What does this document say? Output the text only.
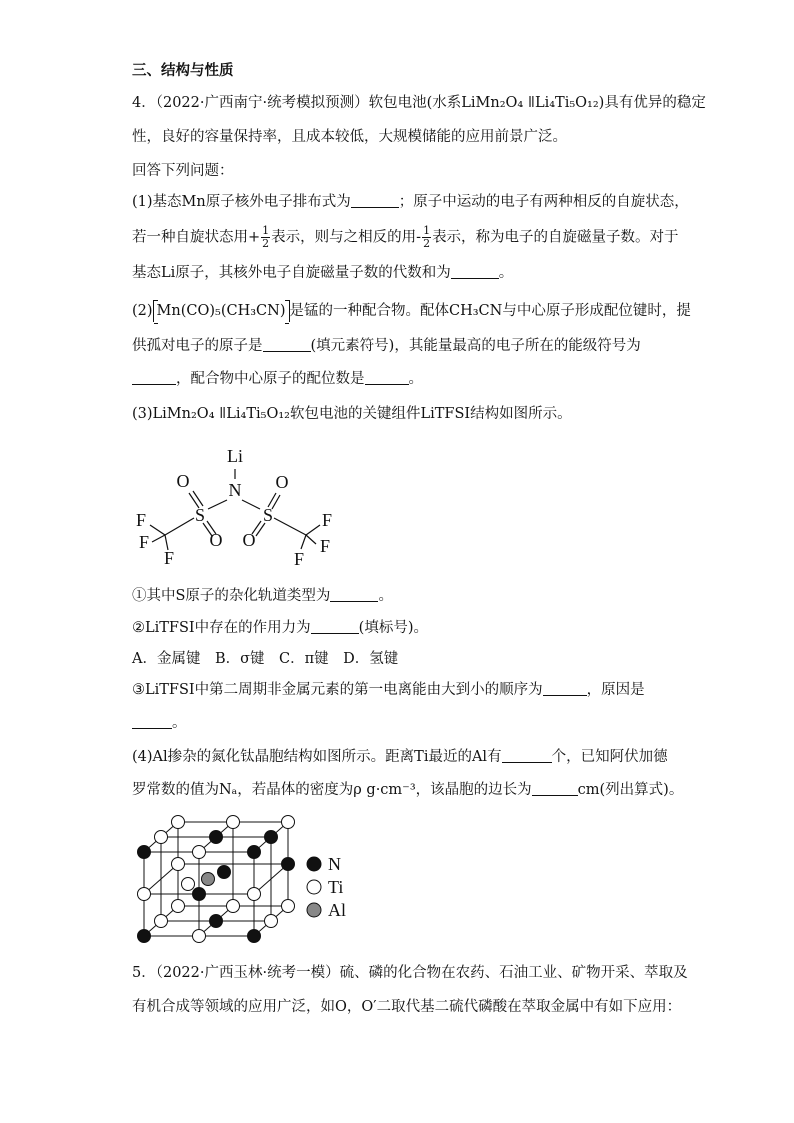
三、结构与性质
4．（2022·广西南宁·统考模拟预测）软包电池(水系LiMn₂O₄ ǁLi₄Ti₅O₁₂)具有优异的稳定
性，良好的容量保持率，且成本较低，大规模储能的应用前景广泛。
回答下列问题：
(1)基态Mn原子核外电子排布式为	；原子中运动的电子有两种相反的自旋状态，
若一种自旋状态用+ $\frac{1}{2}$ 表示，则与之相反的用- $\frac{1}{2}$ 表示，称为电子的自旋磁量子数。对于
基态Li原子，其核外电子自旋磁量子数的代数和为	。
(2) Mn(CO)₅(CH₃CN) 是锰的一种配合物。配体CH₃CN与中心原子形成配位键时，提
供孤对电子的原子是	(填元素符号)，其能量最高的电子所在的能级符号为
，配合物中心原子的配位数是	。
(3)LiMn₂O₄ ǁLi₄Ti₅O₁₂软包电池的关键组件LiTFSI结构如图所示。
Li
N
S	S
O
O O
O
F
F
F
F
F
F
①其中S原子的杂化轨道类型为	。
②LiTFSI中存在的作用力为	(填标号)。
A．金属键　B．σ键　C．π键　D．氢键
③LiTFSI中第二周期非金属元素的第一电离能由大到小的顺序为	，原因是
。
(4)Al掺杂的氮化钛晶胞结构如图所示。距离Ti最近的Al有	个，已知阿伏加德
罗常数的值为Nₐ，若晶体的密度为ρ g·cm⁻³，该晶胞的边长为	cm(列出算式)。
N
Ti
Al
5．（2022·广西玉林·统考一模）硫、磷的化合物在农药、石油工业、矿物开采、萃取及
有机合成等领域的应用广泛，如O，O′二取代基二硫代磷酸在萃取金属中有如下应用：
